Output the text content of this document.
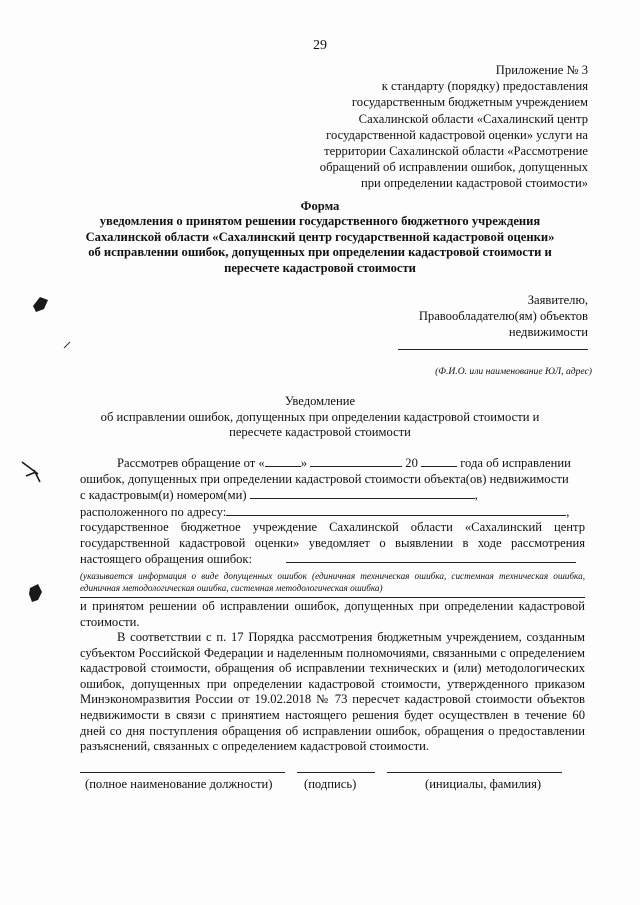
29
Приложение № 3
к стандарту (порядку) предоставления
государственным бюджетным учреждением
Сахалинской области «Сахалинский центр
государственной кадастровой оценки» услуги на
территории Сахалинской области «Рассмотрение
обращений об исправлении ошибок, допущенных
при определении кадастровой стоимости»
Форма
уведомления о принятом решении государственного бюджетного учреждения
Сахалинской области «Сахалинский центр государственной кадастровой оценки»
об исправлении ошибок, допущенных при определении кадастровой стоимости и
пересчете кадастровой стоимости
Заявителю,
Правообладателю(ям) объектов
недвижимости
(Ф.И.О. или наименование ЮЛ, адрес)
Уведомление
об исправлении ошибок, допущенных при определении кадастровой стоимости и
пересчете кадастровой стоимости
Рассмотрев обращение от «	»	20	года об исправлении
ошибок, допущенных при определении кадастровой стоимости объекта(ов) недвижимости
с кадастровым(и) номером(ми)	,
расположенного по адресу:	,
государственное бюджетное учреждение Сахалинской области «Сахалинский центр государственной кадастровой оценки» уведомляет о выявлении в ходе рассмотрения настоящего обращения ошибок:
(указывается информация о виде допущенных ошибок (единичная техническая ошибка, системная техническая ошибка, единичная методологическая ошибка, системная методологическая ошибка)
и принятом решении об исправлении ошибок, допущенных при определении кадастровой стоимости.
В соответствии с п. 17 Порядка рассмотрения бюджетным учреждением, созданным субъектом Российской Федерации и наделенным полномочиями, связанными с определением кадастровой стоимости, обращения об исправлении технических и (или) методологических ошибок, допущенных при определении кадастровой стоимости, утвержденного приказом Минэкономразвития России от 19.02.2018 № 73 пересчет кадастровой стоимости объектов недвижимости в связи с принятием настоящего решения будет осуществлен в течение 60 дней со дня поступления обращения об исправлении ошибок, обращения о предоставлении разъяснений, связанных с определением кадастровой стоимости.
(полное наименование должности)	(подпись)	(инициалы, фамилия)
